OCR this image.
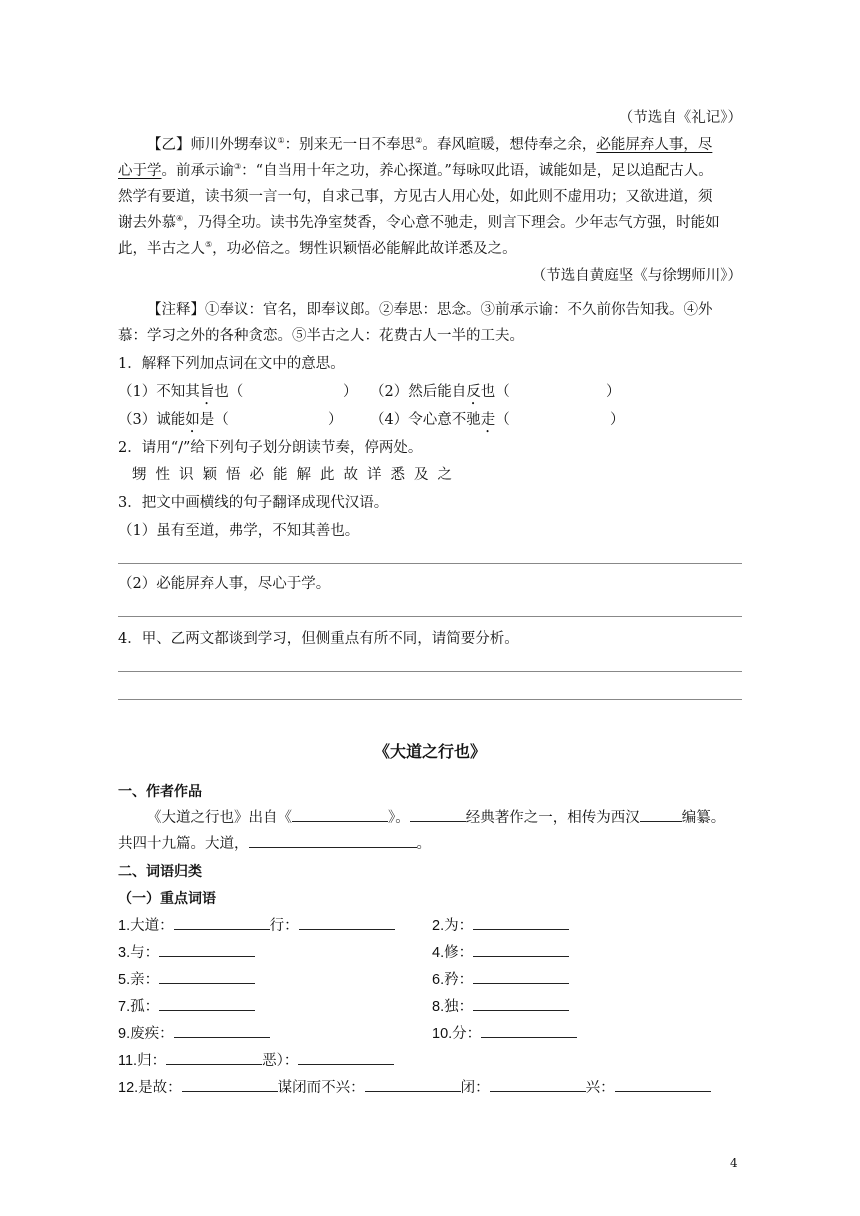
（节选自《礼记》）
【乙】师川外甥奉议①：别来无一日不奉思②。春风暄暖，想侍奉之余，必能屏弃人事，尽
心于学。前承示谕③：“自当用十年之功，养心探道。”每咏叹此语，诚能如是，足以追配古人。
然学有要道，读书须一言一句，自求己事，方见古人用心处，如此则不虚用功；又欲进道，须
谢去外慕④，乃得全功。读书先净室焚香，令心意不驰走，则言下理会。少年志气方强，时能如
此，半古之人⑤，功必倍之。甥性识颖悟必能解此故详悉及之。
（节选自黄庭坚《与徐甥师川》）
【注释】①奉议：官名，即奉议郎。②奉思：思念。③前承示谕：不久前你告知我。④外
慕：学习之外的各种贪恋。⑤半古之人：花费古人一半的工夫。
1．解释下列加点词在文中的意思。
（1）不知其旨也（	） （2）然后能自反也（	）
（3）诚能如是（	） （4）令心意不驰走（	）
2．请用“/”给下列句子划分朗读节奏，停两处。
甥性识颖悟必能解此故详悉及之
3．把文中画横线的句子翻译成现代汉语。
（1）虽有至道，弗学，不知其善也。
（2）必能屏弃人事，尽心于学。
4．甲、乙两文都谈到学习，但侧重点有所不同，请简要分析。
《大道之行也》
一、作者作品
《大道之行也》出自《	》。	经典著作之一，相传为西汉	编纂。
共四十九篇。大道，	。
二、词语归类
（一）重点词语
1.大道：	行：	2.为：
3.与：	4.修：
5.亲：	6.矜：
7.孤：	8.独：
9.废疾：	10.分：
11.归：	恶）：
12.是故：	谋闭而不兴：	闭：	兴：
4
